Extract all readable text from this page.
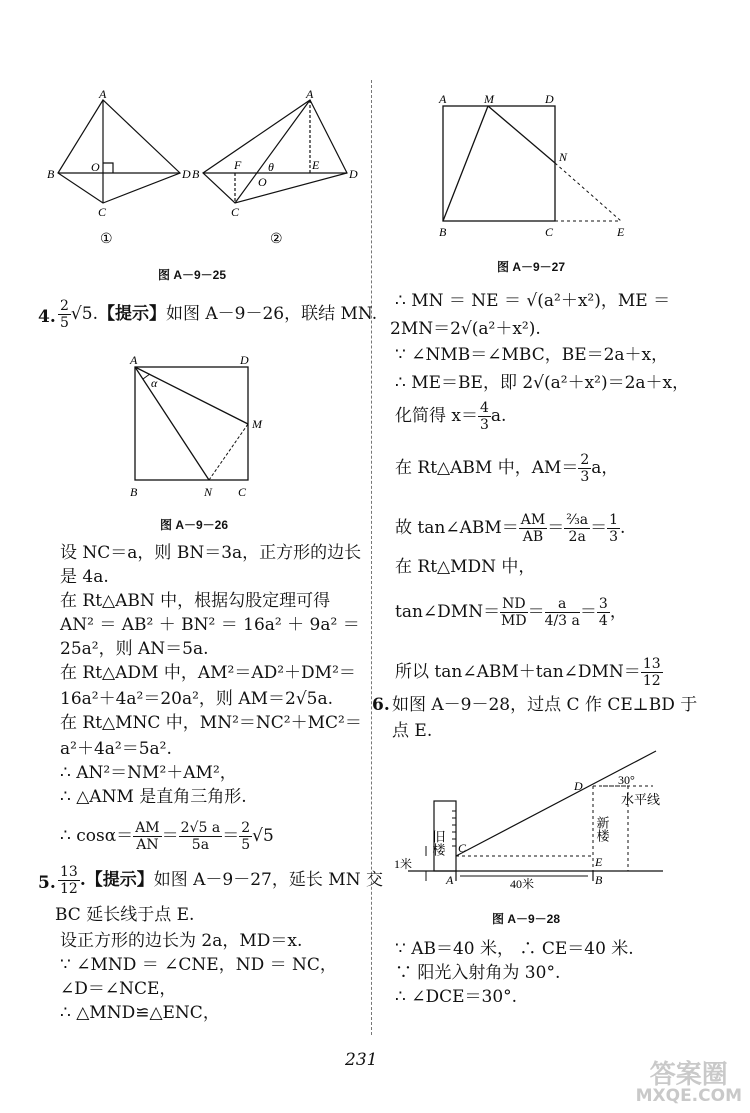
A
B
C
D
O
A
B
C
D
E
F
O
θ
①	②
图 A－9－25
4. $\frac{2}{5} √5$.【提示】如图 A－9－26，联结 MN.
A	D
B	C
M
N
α
图 A－9－26
设 NC＝a，则 BN＝3a，正方形的边长
是 4a.
在 Rt△ABN 中，根据勾股定理可得
AN² ＝ AB² ＋ BN² ＝ 16a² ＋ 9a² ＝
25a²，则 AN＝5a.
在 Rt△ADM 中，AM²＝AD²＋DM²＝
16a²＋4a²＝20a²，则 AM＝2√5a.
在 Rt△MNC 中，MN²＝NC²＋MC²＝
a²＋4a²＝5a².
∴ AN²＝NM²＋AM²，
∴ △ANM 是直角三角形.
∴ $\cos\alpha= \frac{AM}{AN} = \frac{2√5 a}{5a} = \frac{2}{5} √5$
5. $\frac{13}{12}$ .【提示】如图 A－9－27，延长 MN 交
BC 延长线于点 E.
设正方形的边长为 2a，MD＝x.
∵ ∠MND ＝ ∠CNE，ND ＝ NC，
∠D＝∠NCE，
∴ △MND≌△ENC，
A	M	D
N
B	C	E
图 A－9－27
∴ MN ＝ NE ＝ √(a²＋x²)，ME ＝
2MN＝2√(a²＋x²).
∵ ∠NMB＝∠MBC，BE＝2a＋x，
∴ ME＝BE，即 2√(a²＋x²)＝2a＋x，
化简得 $x= \frac{4}{3} a$.
在 Rt△ABM 中，$AM= \frac{2}{3}$ a，
故 tan∠ABM＝ $\frac{AM}{AB} = \frac{\text{⅔a}}{2a} = \frac{1}{3}$ .
在 Rt△MDN 中，
tan∠DMN＝ $\frac{ND}{MD} = \frac{a}{4/3 a} = \frac{3}{4}$ ，
所以 tan∠ABM＋tan∠DMN＝ $\frac{13}{12}$
6. 如图 A－9－28，过点 C 作 CE⊥BD 于
点 E.
C
A	B
D
E
旧楼
新楼
水平线
30°
1米
40米
图 A－9－28
∵ AB＝40 米， ∴ CE＝40 米.
∵ 阳光入射角为 30°.
∴ ∠DCE＝30°.
231	答案圈
MXQE.COM
